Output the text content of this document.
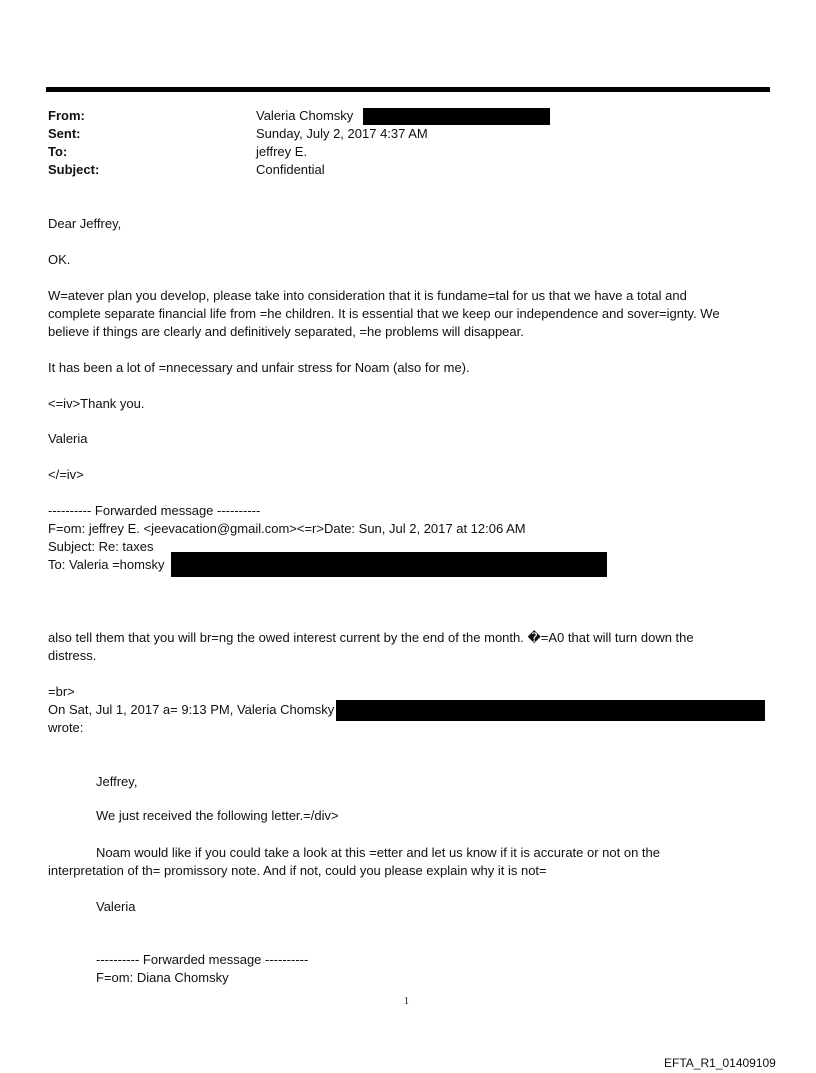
From:	Valeria Chomsky
Sent:	Sunday, July 2, 2017 4:37 AM
To:	jeffrey E.
Subject:	Confidential
Dear Jeffrey,
OK.
W=atever plan you develop, please take into consideration that it is fundame=tal for us that we have a total and
complete separate financial life from =he children. It is essential that we keep our independence and sover=ignty. We
believe if things are clearly and definitively separated, =he problems will disappear.
It has been a lot of =nnecessary and unfair stress for Noam (also for me).
<=iv>Thank you.
Valeria
</=iv>
---------- Forwarded message ----------
F=om: jeffrey E. <jeevacation@gmail.com><=r>Date: Sun, Jul 2, 2017 at 12:06 AM
Subject: Re: taxes
To: Valeria =homsky
also tell them that you will br=ng the owed interest current by the end of the month. �=A0 that will turn down the
distress.
=br>
On Sat, Jul 1, 2017 a= 9:13 PM, Valeria Chomsky
wrote:
Jeffrey,
We just received the following letter.=/div>
Noam would like if you could take a look at this =etter and let us know if it is accurate or not on the
interpretation of th= promissory note. And if not, could you please explain why it is not=
Valeria
---------- Forwarded message ----------
F=om: Diana Chomsky
1
EFTA_R1_01409109
